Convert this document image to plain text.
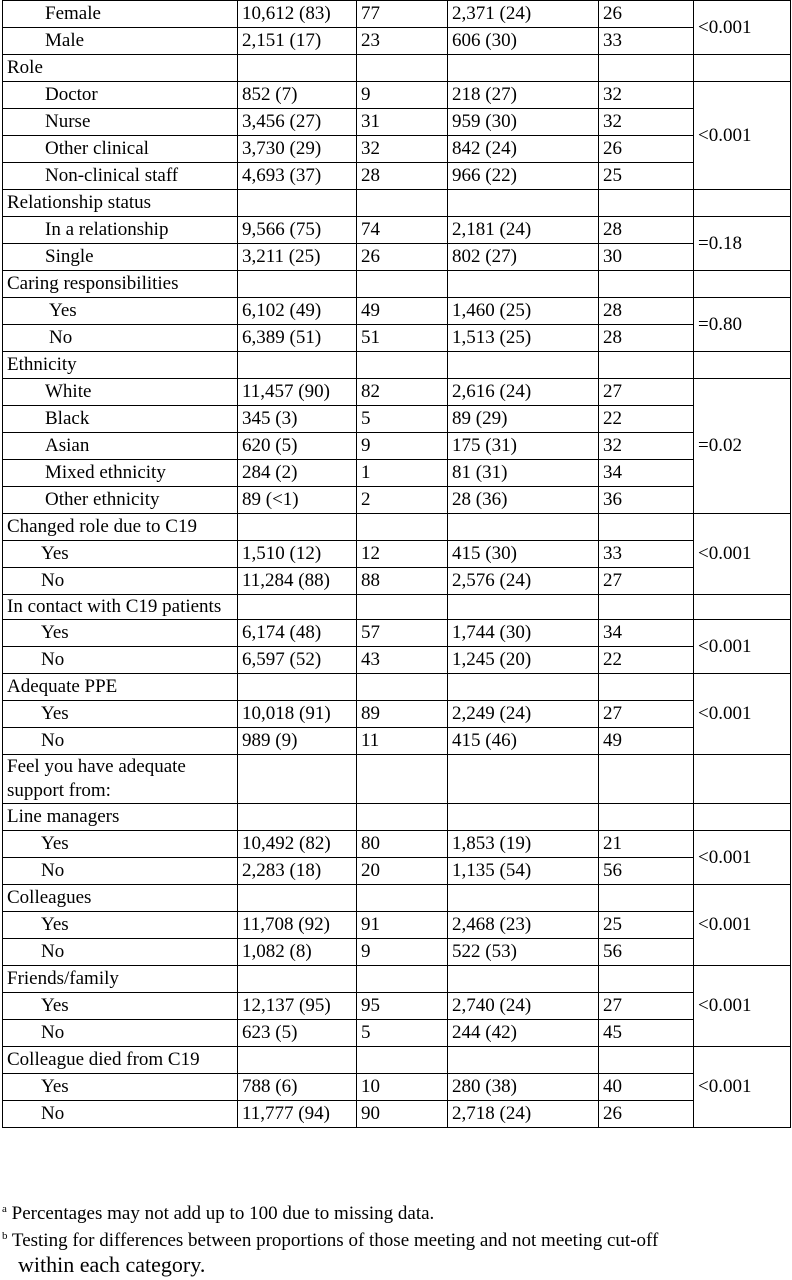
Female	10,612 (83)	77	2,371 (24)	26	<0.001
Male	2,151 (17)	23	606 (30)	33	
Role					
Doctor	852 (7)	9	218 (27)	32	<0.001
Nurse	3,456 (27)	31	959 (30)	32	
Other clinical	3,730 (29)	32	842 (24)	26	
Non-clinical staff	4,693 (37)	28	966 (22)	25	
Relationship status					
In a relationship	9,566 (75)	74	2,181 (24)	28	=0.18
Single	3,211 (25)	26	802 (27)	30	
Caring responsibilities					
Yes	6,102 (49)	49	1,460 (25)	28	=0.80
No	6,389 (51)	51	1,513 (25)	28	
Ethnicity					
White	11,457 (90)	82	2,616 (24)	27	=0.02
Black	345 (3)	5	89 (29)	22	
Asian	620 (5)	9	175 (31)	32	
Mixed ethnicity	284 (2)	1	81 (31)	34	
Other ethnicity	89 (<1)	2	28 (36)	36	
Changed role due to C19					<0.001
Yes	1,510 (12)	12	415 (30)	33	
No	11,284 (88)	88	2,576 (24)	27	
In contact with C19 patients					
Yes	6,174 (48)	57	1,744 (30)	34	<0.001
No	6,597 (52)	43	1,245 (20)	22	
Adequate PPE					<0.001
Yes	10,018 (91)	89	2,249 (24)	27	
No	989 (9)	11	415 (46)	49	
Feel you have adequate support from:					
Line managers					
Yes	10,492 (82)	80	1,853 (19)	21	<0.001
No	2,283 (18)	20	1,135 (54)	56	
Colleagues					<0.001
Yes	11,708 (92)	91	2,468 (23)	25	
No	1,082 (8)	9	522 (53)	56	
Friends/family					<0.001
Yes	12,137 (95)	95	2,740 (24)	27	
No	623 (5)	5	244 (42)	45	
Colleague died from C19					<0.001
Yes	788 (6)	10	280 (38)	40	
No	11,777 (94)	90	2,718 (24)	26	
$^a$ Percentages may not add up to 100 due to missing data.
$^b$ Testing for differences between proportions of those meeting and not meeting cut-off
within each category.
